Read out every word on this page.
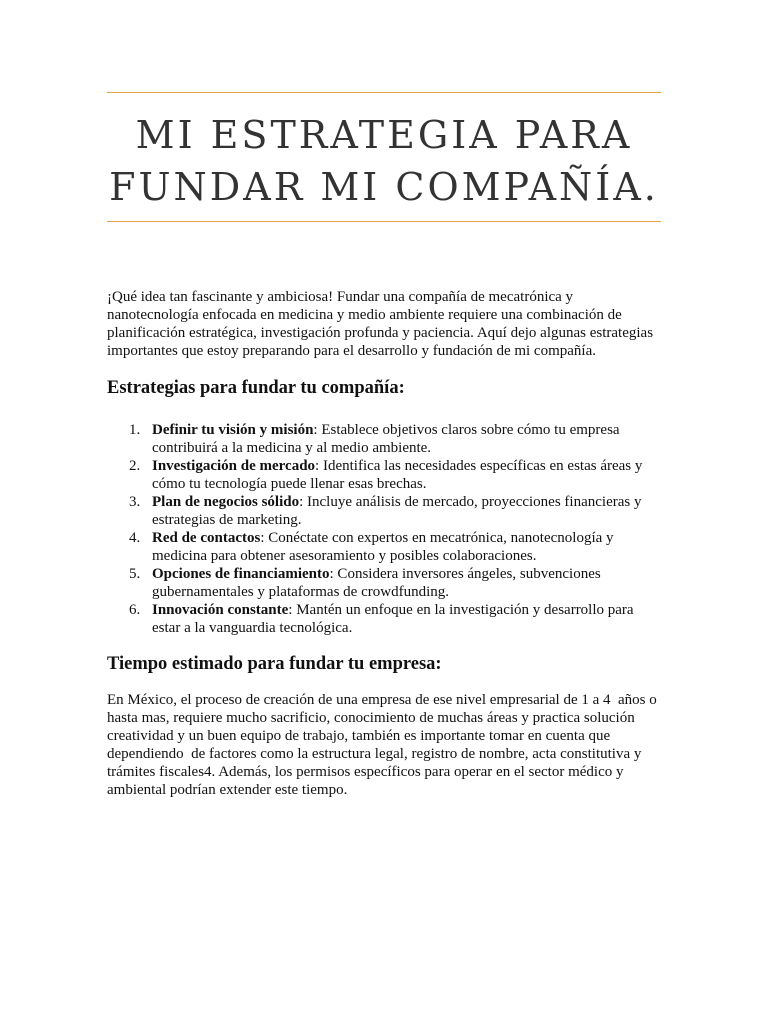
MI ESTRATEGIA PARA
FUNDAR MI COMPAÑÍA.

¡Qué idea tan fascinante y ambiciosa! Fundar una compañía de mecatrónica y nanotecnología enfocada en medicina y medio ambiente requiere una combinación de planificación estratégica, investigación profunda y paciencia. Aquí dejo algunas estrategias importantes que estoy preparando para el desarrollo y fundación de mi compañía.

Estrategias para fundar tu compañía:
1. Definir tu visión y misión: Establece objetivos claros sobre cómo tu empresa contribuirá a la medicina y al medio ambiente.
2. Investigación de mercado: Identifica las necesidades específicas en estas áreas y cómo tu tecnología puede llenar esas brechas.
3. Plan de negocios sólido: Incluye análisis de mercado, proyecciones financieras y estrategias de marketing.
4. Red de contactos: Conéctate con expertos en mecatrónica, nanotecnología y medicina para obtener asesoramiento y posibles colaboraciones.
5. Opciones de financiamiento: Considera inversores ángeles, subvenciones gubernamentales y plataformas de crowdfunding.
6. Innovación constante: Mantén un enfoque en la investigación y desarrollo para estar a la vanguardia tecnológica.
Tiempo estimado para fundar tu empresa:

En México, el proceso de creación de una empresa de ese nivel empresarial de 1 a 4  años o hasta mas, requiere mucho sacrificio, conocimiento de muchas áreas y practica solución creatividad y un buen equipo de trabajo, también es importante tomar en cuenta que dependiendo  de factores como la estructura legal, registro de nombre, acta constitutiva y trámites fiscales4. Además, los permisos específicos para operar en el sector médico y ambiental podrían extender este tiempo.
